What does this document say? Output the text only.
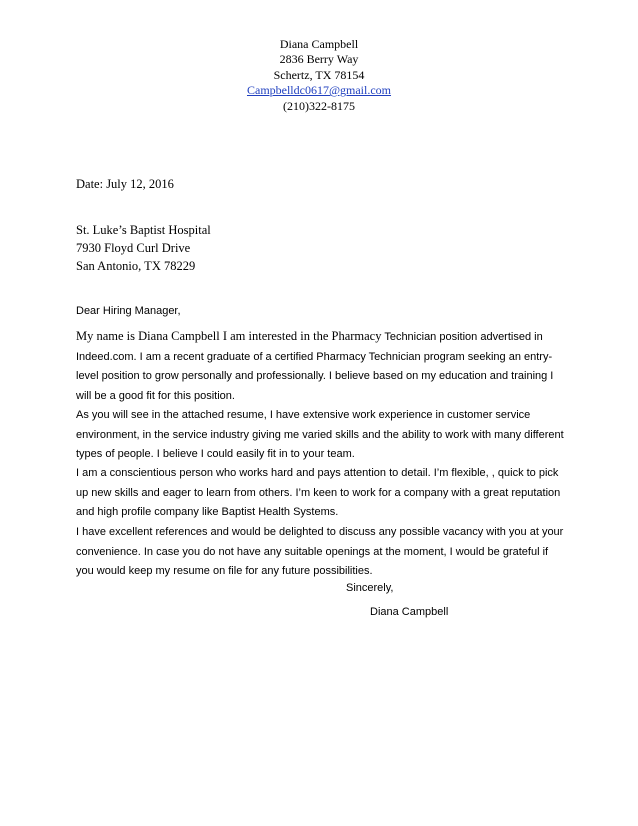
Diana Campbell
2836 Berry Way
Schertz, TX 78154
Campbelldc0617@gmail.com
(210)322-8175
Date: July 12, 2016
St. Luke’s Baptist Hospital
7930 Floyd Curl Drive
San Antonio, TX 78229
Dear Hiring Manager,

My name is Diana Campbell I am interested in the Pharmacy Technician position advertised in Indeed.com. I am a recent graduate of a certified Pharmacy Technician program seeking an entry-level position to grow personally and professionally. I believe based on my education and training I will be a good fit for this position.

As you will see in the attached resume, I have extensive work experience in customer service environment, in the service industry giving me varied skills and the ability to work with many different types of people. I believe I could easily fit in to your team.

I am a conscientious person who works hard and pays attention to detail. I’m flexible, , quick to pick up new skills and eager to learn from others. I’m keen to work for a company with a great reputation and high profile company like Baptist Health Systems.

I have excellent references and would be delighted to discuss any possible vacancy with you at your convenience. In case you do not have any suitable openings at the moment, I would be grateful if you would keep my resume on file for any future possibilities.

Sincerely,
Diana Campbell
